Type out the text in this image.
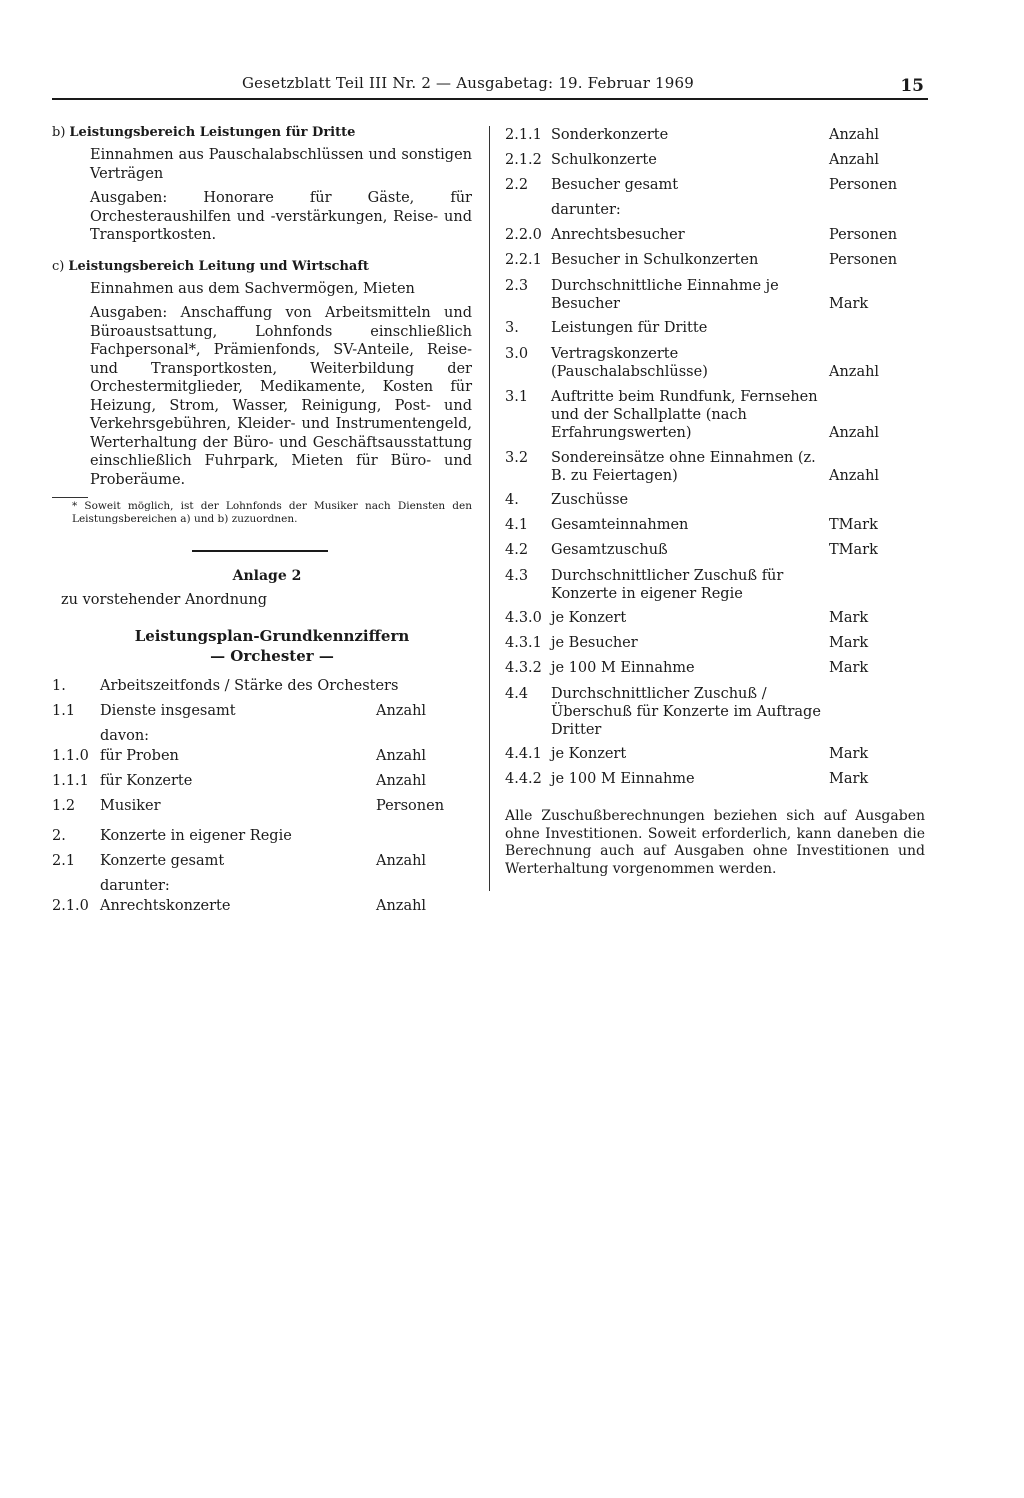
Gesetzblatt Teil III Nr. 2 — Ausgabetag: 19. Februar 1969	15
b) Leistungsbereich Leistungen für Dritte
Einnahmen aus Pauschalabschlüssen und sonstigen Verträgen
Ausgaben: Honorare für Gäste, für Orchesteraushilfen und -verstärkungen, Reise- und Transportkosten.
c) Leistungsbereich Leitung und Wirtschaft
Einnahmen aus dem Sachvermögen, Mieten
Ausgaben: Anschaffung von Arbeitsmitteln und Büroaustsattung, Lohnfonds einschließlich Fachpersonal*, Prämienfonds, SV-Anteile, Reise- und Transportkosten, Weiterbildung der Orchestermitglieder, Medikamente, Kosten für Heizung, Strom, Wasser, Reinigung, Post- und Verkehrsgebühren, Kleider- und Instrumentengeld, Werterhaltung der Büro- und Geschäftsausstattung einschließlich Fuhrpark, Mieten für Büro- und Proberäume.
* Soweit möglich, ist der Lohnfonds der Musiker nach Diensten den Leistungsbereichen a) und b) zuzuordnen.
Anlage 2
zu vorstehender Anordnung
Leistungsplan-Grundkennziffern
— Orchester —
1.	Arbeitszeitfonds / Stärke des Orchesters
1.1	Dienste insgesamt	Anzahl
davon:
1.1.0 für Proben	Anzahl
1.1.1 für Konzerte	Anzahl
1.2	Musiker	Personen
2.	Konzerte in eigener Regie
2.1	Konzerte gesamt	Anzahl
darunter:
2.1.0 Anrechtskonzerte	Anzahl
2.1.1 Sonderkonzerte	Anzahl
2.1.2 Schulkonzerte	Anzahl
2.2	Besucher gesamt	Personen
darunter:
2.2.0 Anrechtsbesucher	Personen
2.2.1 Besucher in Schulkonzerten	Personen
2.3	Durchschnittliche Einnahme je Besucher	Mark
3.	Leistungen für Dritte
3.0	Vertragskonzerte (Pauschalabschlüsse)	Anzahl
3.1	Auftritte beim Rundfunk, Fernsehen und der Schallplatte (nach Erfahrungswerten)	Anzahl
3.2	Sondereinsätze ohne Einnahmen (z. B. zu Feiertagen)	Anzahl
4.	Zuschüsse
4.1	Gesamteinnahmen	TMark
4.2	Gesamtzuschuß	TMark
4.3	Durchschnittlicher Zuschuß für Konzerte in eigener Regie
4.3.0 je Konzert	Mark
4.3.1 je Besucher	Mark
4.3.2 je 100 M Einnahme	Mark
4.4	Durchschnittlicher Zuschuß / Überschuß für Konzerte im Auftrage Dritter
4.4.1 je Konzert	Mark
4.4.2 je 100 M Einnahme	Mark
Alle Zuschußberechnungen beziehen sich auf Ausgaben ohne Investitionen. Soweit erforderlich, kann daneben die Berechnung auch auf Ausgaben ohne Investitionen und Werterhaltung vorgenommen werden.
